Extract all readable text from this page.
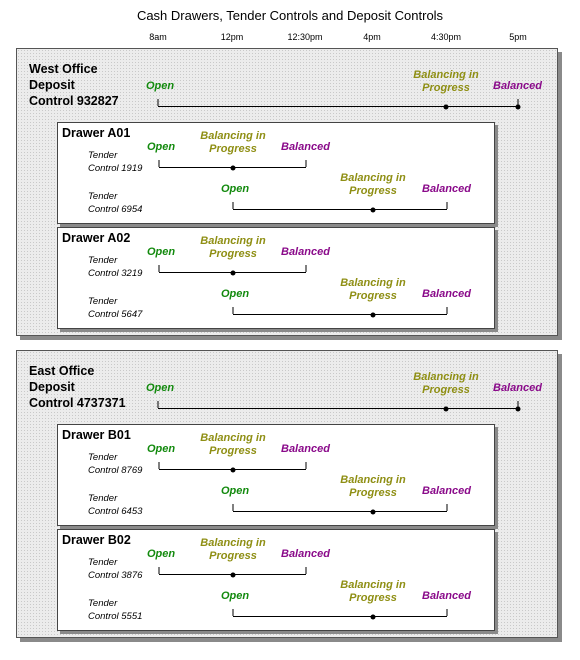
Cash Drawers, Tender Controls and Deposit Controls
8am	12pm	12:30pm	4pm	4:30pm	5pm
West Office
Deposit
Control 932827
Drawer A01
Tender
Control 1919
Tender
Control 6954
Open
Balancing in
Progress	Balanced
Open
Balancing in
Progress	Balanced
Drawer A02
Tender
Control 3219
Tender
Control 5647
Open
Balancing in
Progress	Balanced
Open
Balancing in
Progress	Balanced
Open
Balancing in
Progress	Balanced
East Office
Deposit
Control 4737371
Drawer B01
Tender
Control 8769
Tender
Control 6453
Open
Balancing in
Progress	Balanced
Open
Balancing in
Progress	Balanced
Drawer B02
Tender
Control 3876
Tender
Control 5551
Open
Balancing in
Progress	Balanced
Open
Balancing in
Progress	Balanced
Open
Balancing in
Progress	Balanced
